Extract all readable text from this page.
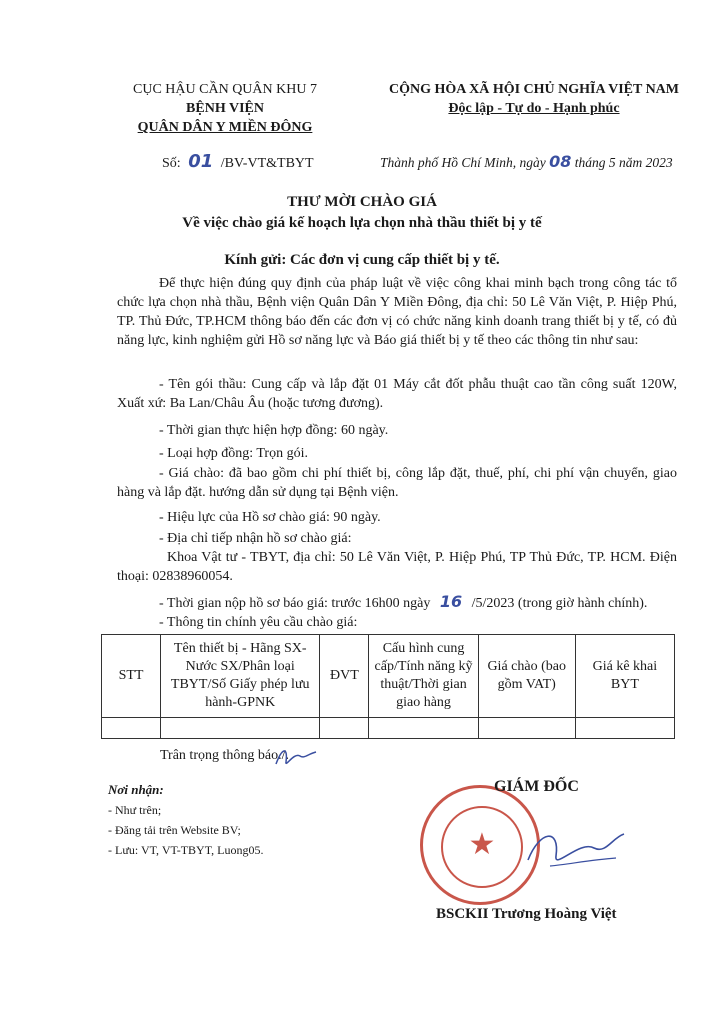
CỤC HẬU CẦN QUÂN KHU 7
BỆNH VIỆN
QUÂN DÂN Y MIỀN ĐÔNG
CỘNG HÒA XÃ HỘI CHỦ NGHĨA VIỆT NAM
Độc lập - Tự do - Hạnh phúc
Số: 01 /BV-VT&TBYT	Thành phố Hồ Chí Minh, ngày 08 tháng 5 năm 2023
THƯ MỜI CHÀO GIÁ
Về việc chào giá kế hoạch lựa chọn nhà thầu thiết bị y tế
Kính gửi: Các đơn vị cung cấp thiết bị y tế.
Để thực hiện đúng quy định của pháp luật về việc công khai minh bạch trong công tác tổ chức lựa chọn nhà thầu, Bệnh viện Quân Dân Y Miền Đông, địa chỉ: 50 Lê Văn Việt, P. Hiệp Phú, TP. Thủ Đức, TP.HCM thông báo đến các đơn vị có chức năng kinh doanh trang thiết bị y tế, có đủ năng lực, kinh nghiệm gửi Hồ sơ năng lực và Báo giá thiết bị y tế theo các thông tin như sau:
- Tên gói thầu: Cung cấp và lắp đặt 01 Máy cắt đốt phẫu thuật cao tần công suất 120W, Xuất xứ: Ba Lan/Châu Âu (hoặc tương đương).
- Thời gian thực hiện hợp đồng: 60 ngày.
- Loại hợp đồng: Trọn gói.
- Giá chào: đã bao gồm chi phí thiết bị, công lắp đặt, thuế, phí, chi phí vận chuyển, giao hàng và lắp đặt. hướng dẫn sử dụng tại Bệnh viện.
- Hiệu lực của Hồ sơ chào giá: 90 ngày.
- Địa chỉ tiếp nhận hồ sơ chào giá:
Khoa Vật tư - TBYT, địa chỉ: 50 Lê Văn Việt, P. Hiệp Phú, TP Thủ Đức, TP. HCM. Điện thoại: 02838960054.
- Thời gian nộp hồ sơ báo giá: trước 16h00 ngày 16 /5/2023 (trong giờ hành chính).
- Thông tin chính yêu cầu chào giá:
STT	Tên thiết bị - Hãng SX-Nước SX/Phân loại TBYT/Số Giấy phép lưu hành-GPNK	ĐVT	Cấu hình cung cấp/Tính năng kỹ thuật/Thời gian giao hàng	Giá chào (bao gồm VAT)	Giá kê khai BYT

Trân trọng thông báo./.
Nơi nhận:
- Như trên;
- Đăng tải trên Website BV;
- Lưu: VT, VT-TBYT, Luong05.	★
GIÁM ĐỐC
BSCKII Trương Hoàng Việt
